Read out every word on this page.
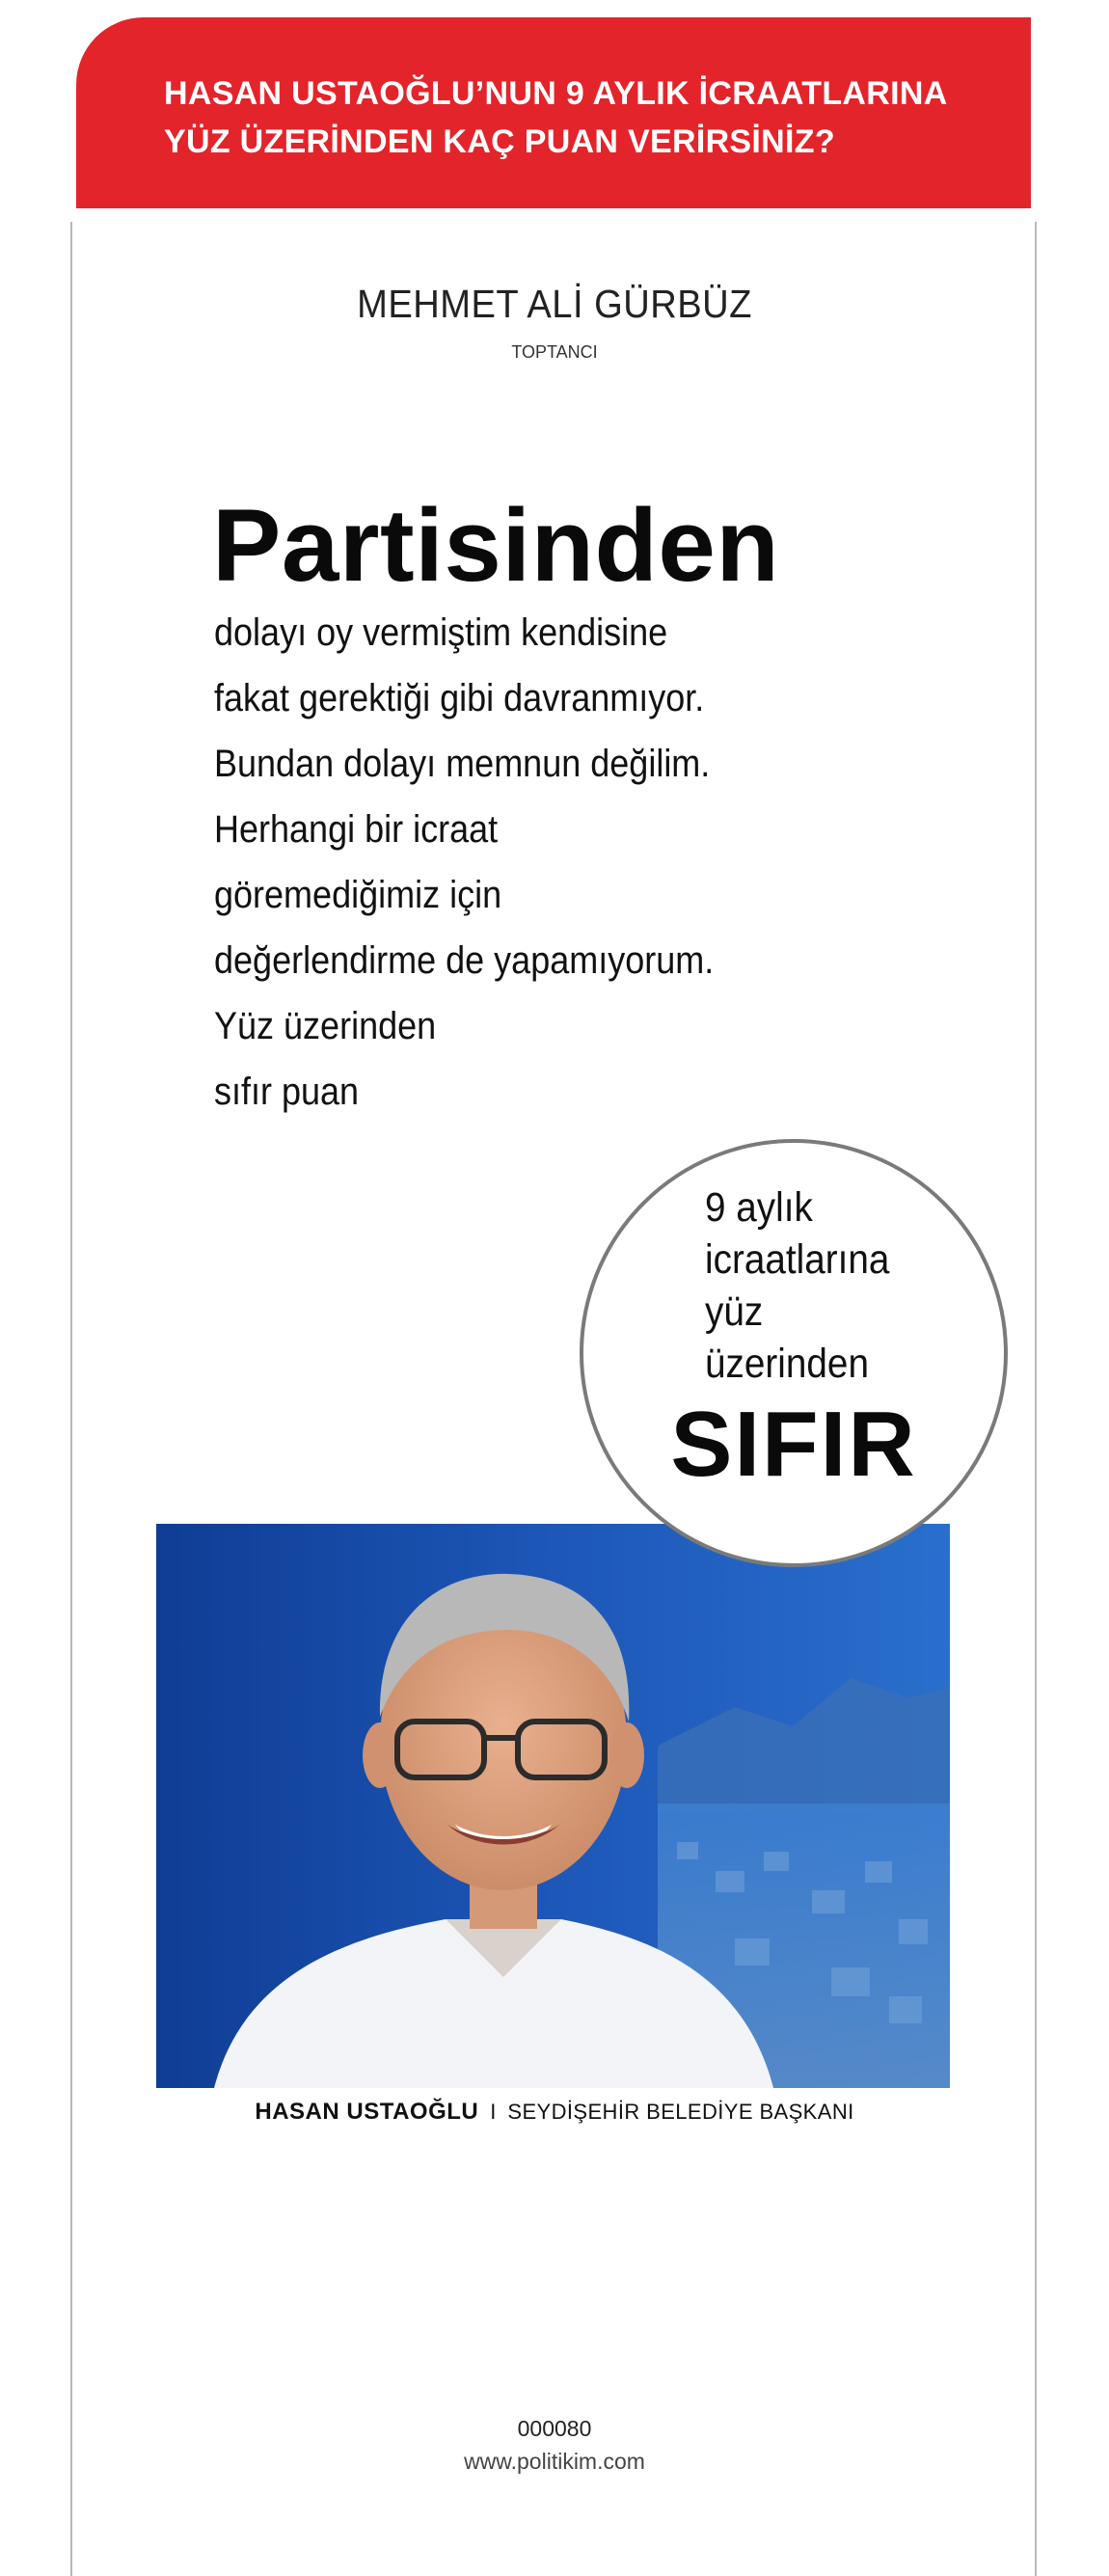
HASAN USTAOĞLU’NUN 9 AYLIK İCRAATLARINA
YÜZ ÜZERİNDEN KAÇ PUAN VERİRSİNİZ?
MEHMET ALİ GÜRBÜZ
TOPTANCI
Partisinden
dolayı oy vermiştim kendisine
fakat gerektiği gibi davranmıyor.
Bundan dolayı memnun değilim.
Herhangi bir icraat
göremediğimiz için
değerlendirme de yapamıyorum.
Yüz üzerinden
sıfır puan
9 aylık
icraatlarına
yüz
üzerinden
SIFIR
HASAN USTAOĞLU I SEYDİŞEHİR BELEDİYE BAŞKANI
000080
www.politikim.com
